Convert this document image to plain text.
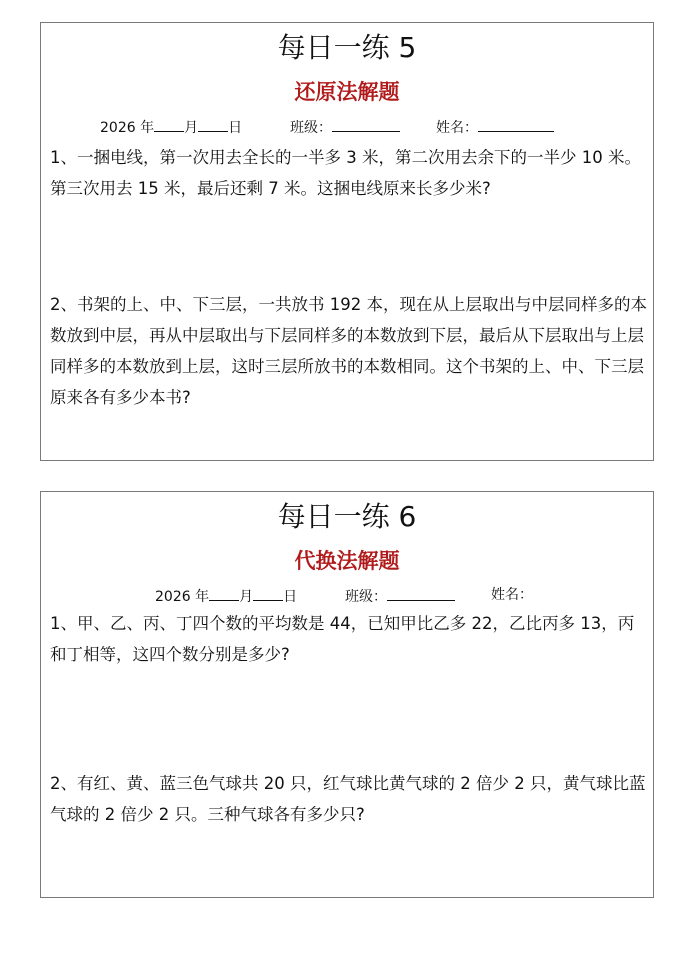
每日一练 5
还原法解题
2026 年 月 日	班级：	姓名：
1、一捆电线，第一次用去全长的一半多 3 米，第二次用去余下的一半少 10 米。第三次用去 15 米，最后还剩 7 米。这捆电线原来长多少米?
2、书架的上、中、下三层，一共放书 192 本，现在从上层取出与中层同样多的本数放到中层，再从中层取出与下层同样多的本数放到下层，最后从下层取出与上层同样多的本数放到上层，这时三层所放书的本数相同。这个书架的上、中、下三层原来各有多少本书?
每日一练 6
代换法解题
2026 年 月 日	班级：	姓名：
1、甲、乙、丙、丁四个数的平均数是 44，已知甲比乙多 22，乙比丙多 13，丙和丁相等，这四个数分别是多少?
2、有红、黄、蓝三色气球共 20 只，红气球比黄气球的 2 倍少 2 只，黄气球比蓝气球的 2 倍少 2 只。三种气球各有多少只?
